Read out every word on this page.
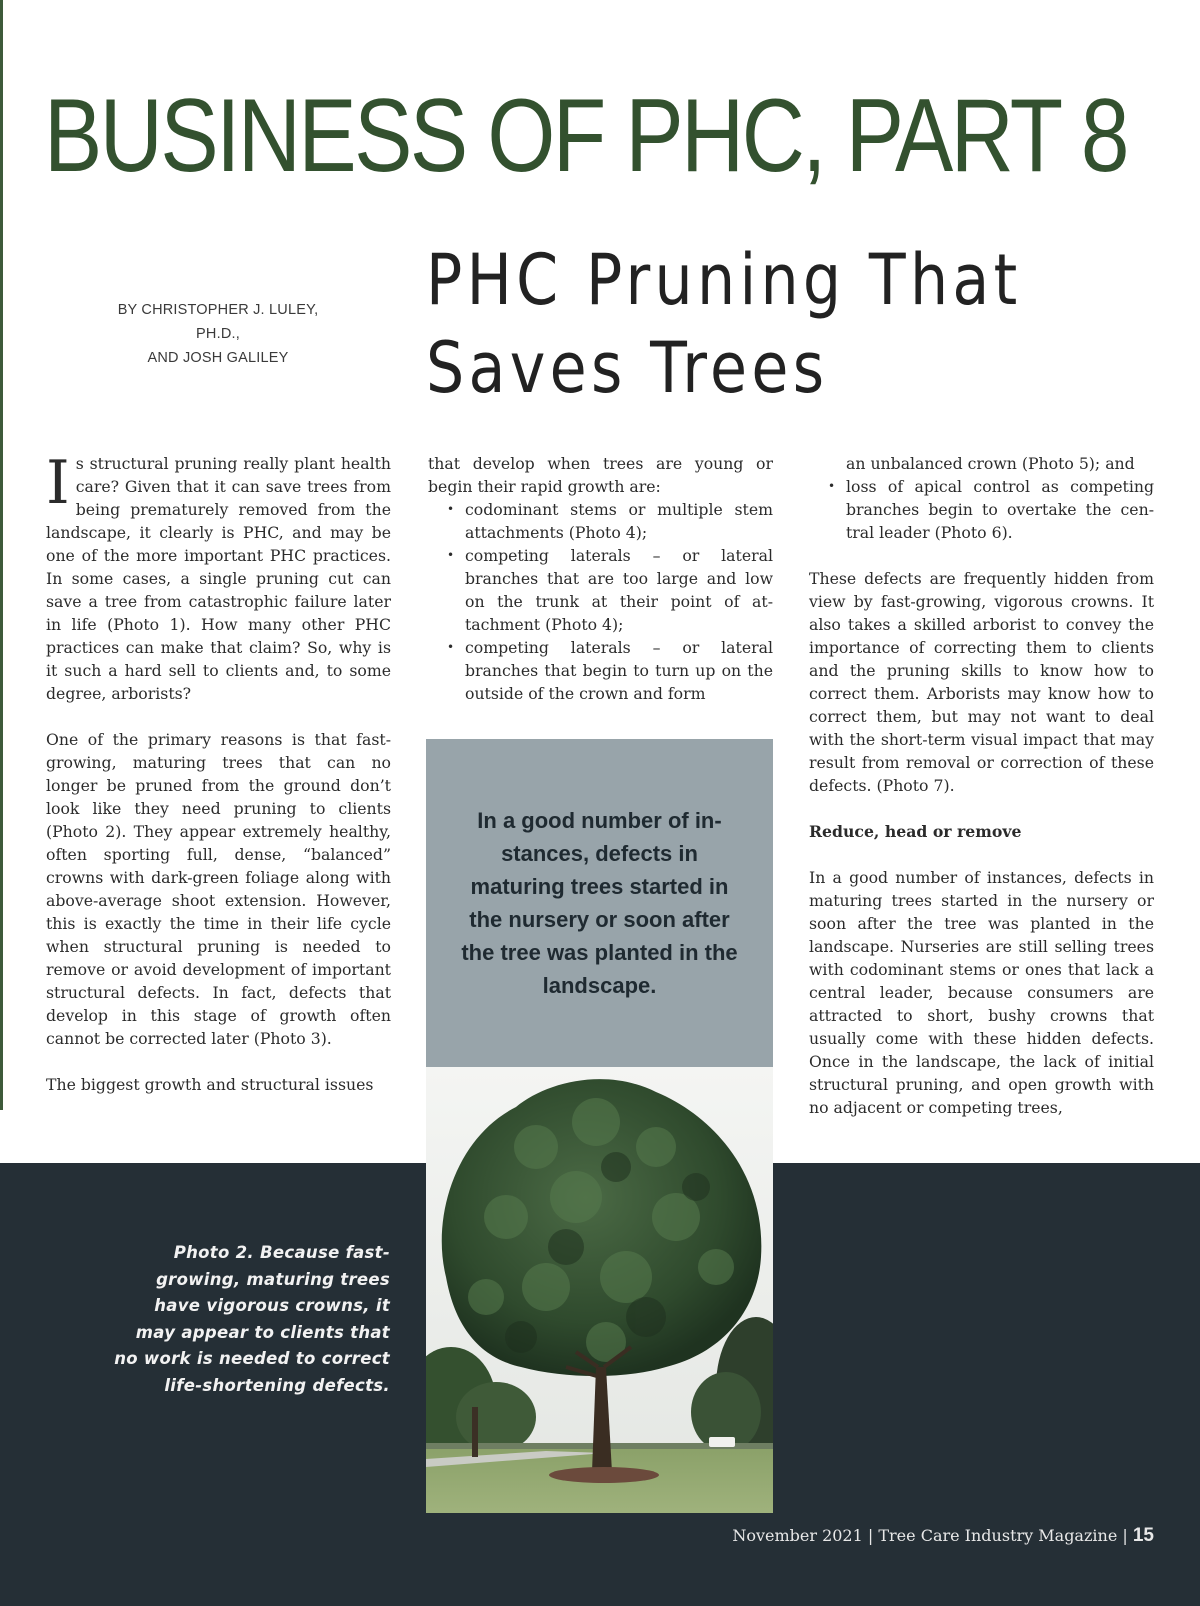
BUSINESS OF PHC, PART 8
BY CHRISTOPHER J. LULEY, PH.D.,
AND JOSH GALILEY
PHC Pruning That
Saves Trees

Is structural pruning really plant health care? Given that it can save trees from being prematurely removed from the landscape, it clearly is PHC, and may be one of the more important PHC practices. In some cases, a single pruning cut can save a tree from catastrophic failure later in life (Photo 1). How many other PHC practices can make that claim? So, why is it such a hard sell to clients and, to some degree, arborists?

One of the primary reasons is that fast-growing, maturing trees that can no longer be pruned from the ground don’t look like they need pruning to clients (Photo 2). They appear extremely healthy, often sporting full, dense, “balanced” crowns with dark-green foliage along with above-average shoot extension. However, this is exactly the time in their life cycle when structural pruning is needed to remove or avoid development of important structural defects. In fact, defects that develop in this stage of growth often cannot be corrected later (Photo 3).

The biggest growth and structural issues

that develop when trees are young or begin their rapid growth are:

• codominant stems or multiple stem attachments (Photo 4);
• competing laterals – or lateral branches that are too large and low on the trunk at their point of attachment (Photo 4);
• competing laterals – or lateral branches that begin to turn up on the outside of the crown and form
an unbalanced crown (Photo 5); and
• loss of apical control as competing branches begin to overtake the central leader (Photo 6).

These defects are frequently hidden from view by fast-growing, vigorous crowns. It also takes a skilled arborist to convey the importance of correcting them to clients and the pruning skills to know how to correct them. Arborists may know how to correct them, but may not want to deal with the short-term visual impact that may result from removal or correction of these defects. (Photo 7).

Reduce, head or remove

In a good number of instances, defects in maturing trees started in the nursery or soon after the tree was planted in the landscape. Nurseries are still selling trees with codominant stems or ones that lack a central leader, because consumers are attracted to short, bushy crowns that usually come with these hidden defects. Once in the landscape, the lack of initial structural pruning, and open growth with no adjacent or competing trees,

In a good number of instances, defects in maturing trees started in the nursery or soon after the tree was planted in the landscape.

Photo 2. Because fast-growing, maturing trees have vigorous crowns, it may appear to clients that no work is needed to correct life-shortening defects.

November 2021 | Tree Care Industry Magazine | 15
